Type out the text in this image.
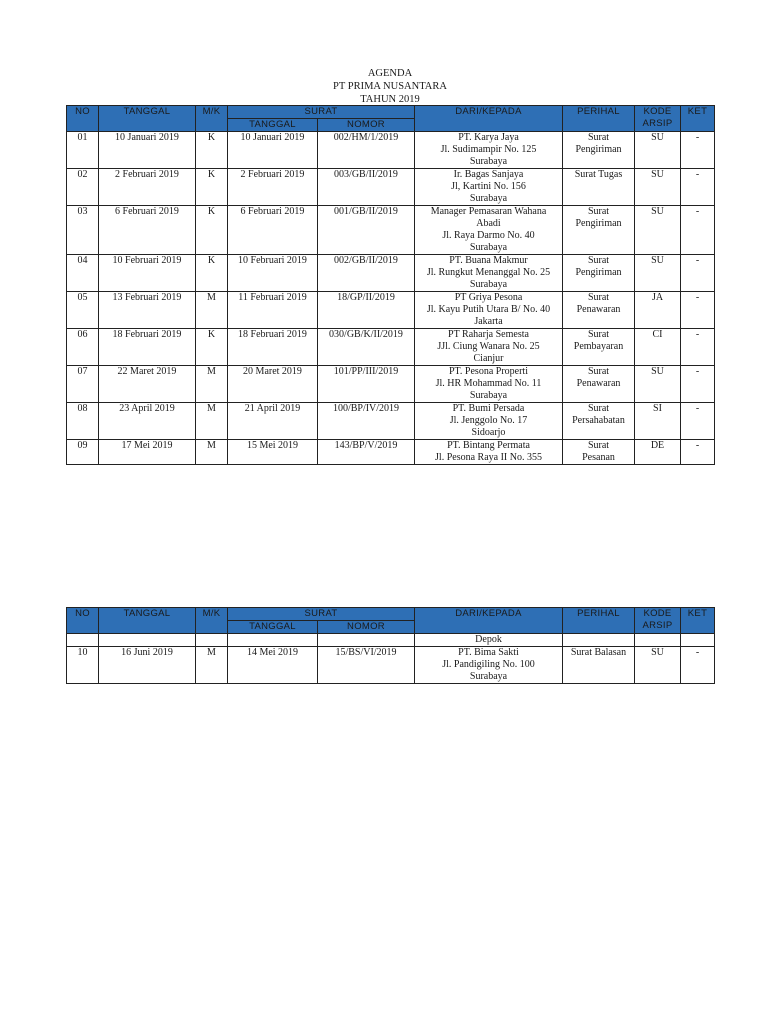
AGENDA
PT PRIMA NUSANTARA
TAHUN 2019
NO	TANGGAL	M/K	SURAT		DARI/KEPADA	PERIHAL	KODE
ARSIP	KET
			TANGGAL	NOMOR				
01	10 Januari 2019	K	10 Januari 2019	002/HM/1/2019	PT. Karya Jaya
Jl. Sudimampir No. 125
Surabaya	Surat
Pengiriman	SU	-
02	2 Februari 2019	K	2 Februari 2019	003/GB/II/2019	Ir. Bagas Sanjaya
Jl, Kartini No. 156
Surabaya	Surat Tugas	SU	-
03	6 Februari 2019	K	6 Februari 2019	001/GB/II/2019	Manager Pemasaran Wahana
Abadi
Jl. Raya Darmo No. 40
Surabaya	Surat
Pengiriman	SU	-
04	10 Februari 2019	K	10 Februari 2019	002/GB/II/2019	PT. Buana Makmur
Jl. Rungkut Menanggal No. 25
Surabaya	Surat
Pengiriman	SU	-
05	13 Februari 2019	M	11 Februari 2019	18/GP/II/2019	PT Griya Pesona
Jl. Kayu Putih Utara B/ No. 40
Jakarta	Surat
Penawaran	JA	-
06	18 Februari 2019	K	18 Februari 2019	030/GB/K/II/2019	PT Raharja Semesta
JJl. Ciung Wanara No. 25
Cianjur	Surat
Pembayaran	CI	-
07	22 Maret 2019	M	20 Maret 2019	101/PP/III/2019	PT. Pesona Properti
Jl. HR Mohammad No. 11
Surabaya	Surat
Penawaran	SU	-
08	23 April 2019	M	21 April 2019	100/BP/IV/2019	PT. Bumi Persada
Jl. Jenggolo No. 17
Sidoarjo	Surat
Persahabatan	SI	-
09	17 Mei 2019	M	15 Mei 2019	143/BP/V/2019	PT. Bintang Permata
Jl. Pesona Raya II No. 355	Surat
Pesanan	DE	-
NO	TANGGAL	M/K	SURAT		DARI/KEPADA	PERIHAL	KODE
ARSIP	KET
			TANGGAL	NOMOR				
					Depok			
10	16 Juni 2019	M	14 Mei 2019	15/BS/VI/2019	PT. Bima Sakti
Jl. Pandigiling No. 100
Surabaya	Surat Balasan	SU	-
